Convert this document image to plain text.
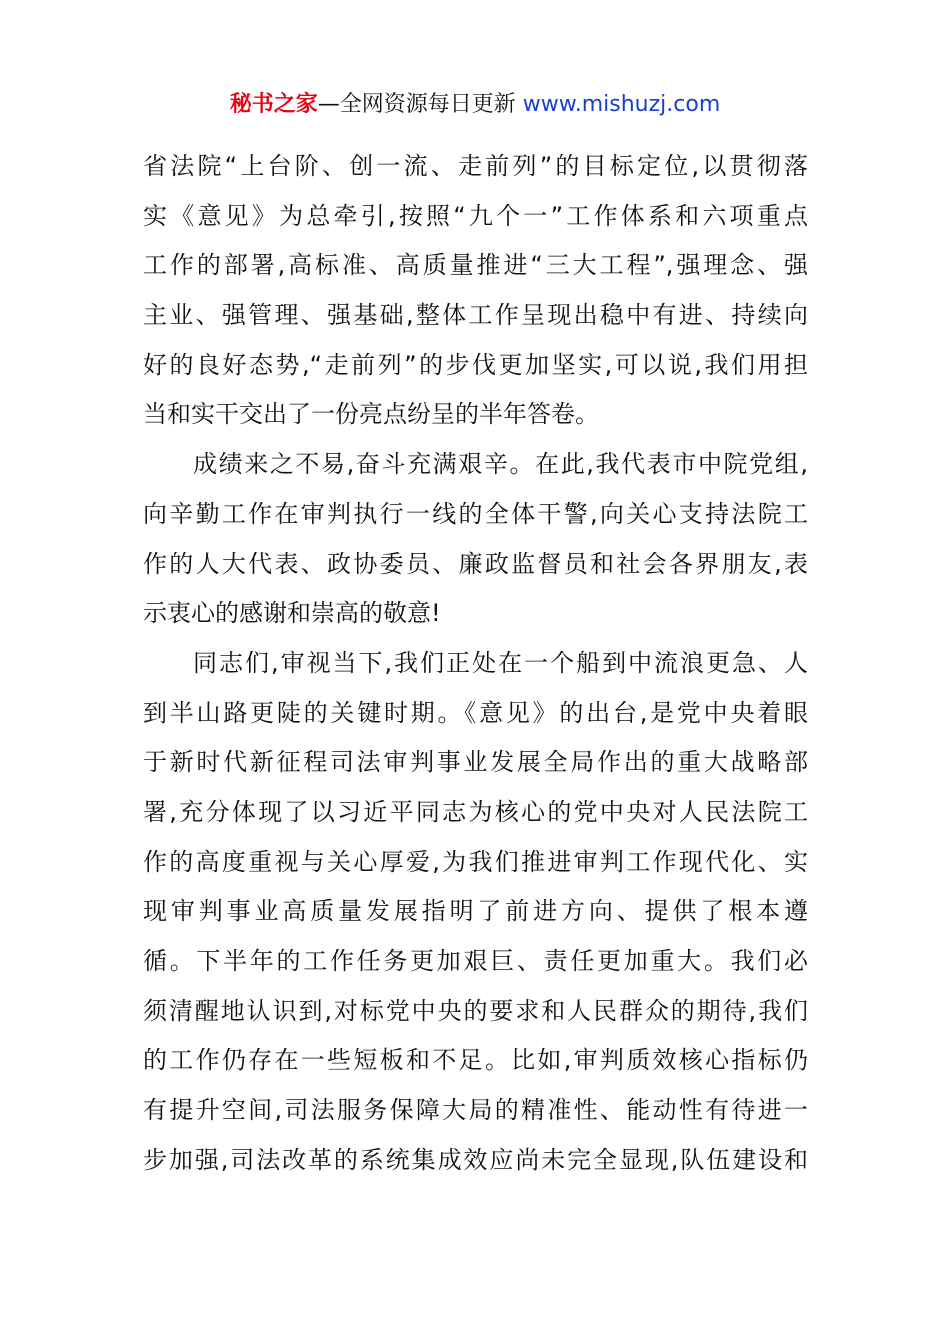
秘书之家—全网资源每日更新 www.mishuzj.com
省法院“上台阶、创一流、走前列”的目标定位,以贯彻落
实《意见》为总牵引,按照“九个一”工作体系和六项重点
工作的部署,高标准、高质量推进“三大工程”,强理念、强
主业、强管理、强基础,整体工作呈现出稳中有进、持续向
好的良好态势,“走前列”的步伐更加坚实,可以说,我们用担
当和实干交出了一份亮点纷呈的半年答卷。
成绩来之不易,奋斗充满艰辛。在此,我代表市中院党组,
向辛勤工作在审判执行一线的全体干警,向关心支持法院工
作的人大代表、政协委员、廉政监督员和社会各界朋友,表
示衷心的感谢和崇高的敬意!
同志们,审视当下,我们正处在一个船到中流浪更急、人
到半山路更陡的关键时期。《意见》的出台,是党中央着眼
于新时代新征程司法审判事业发展全局作出的重大战略部
署,充分体现了以习近平同志为核心的党中央对人民法院工
作的高度重视与关心厚爱,为我们推进审判工作现代化、实
现审判事业高质量发展指明了前进方向、提供了根本遵
循。下半年的工作任务更加艰巨、责任更加重大。我们必
须清醒地认识到,对标党中央的要求和人民群众的期待,我们
的工作仍存在一些短板和不足。比如,审判质效核心指标仍
有提升空间,司法服务保障大局的精准性、能动性有待进一
步加强,司法改革的系统集成效应尚未完全显现,队伍建设和
